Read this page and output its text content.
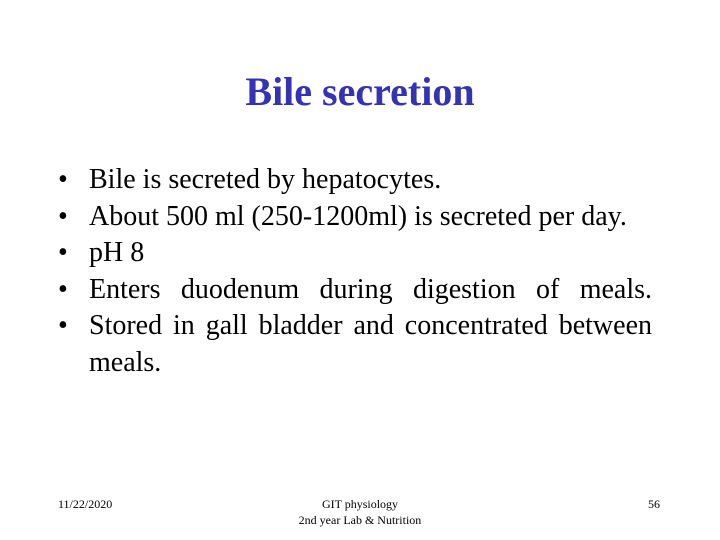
Bile secretion
• Bile is secreted by hepatocytes.
• About 500 ml (250-1200ml) is secreted per day.
• pH 8
• Enters duodenum during digestion of meals.
• Stored in gall bladder and concentrated between meals.
11/22/2020	GIT physiology
2nd year Lab & Nutrition
56
